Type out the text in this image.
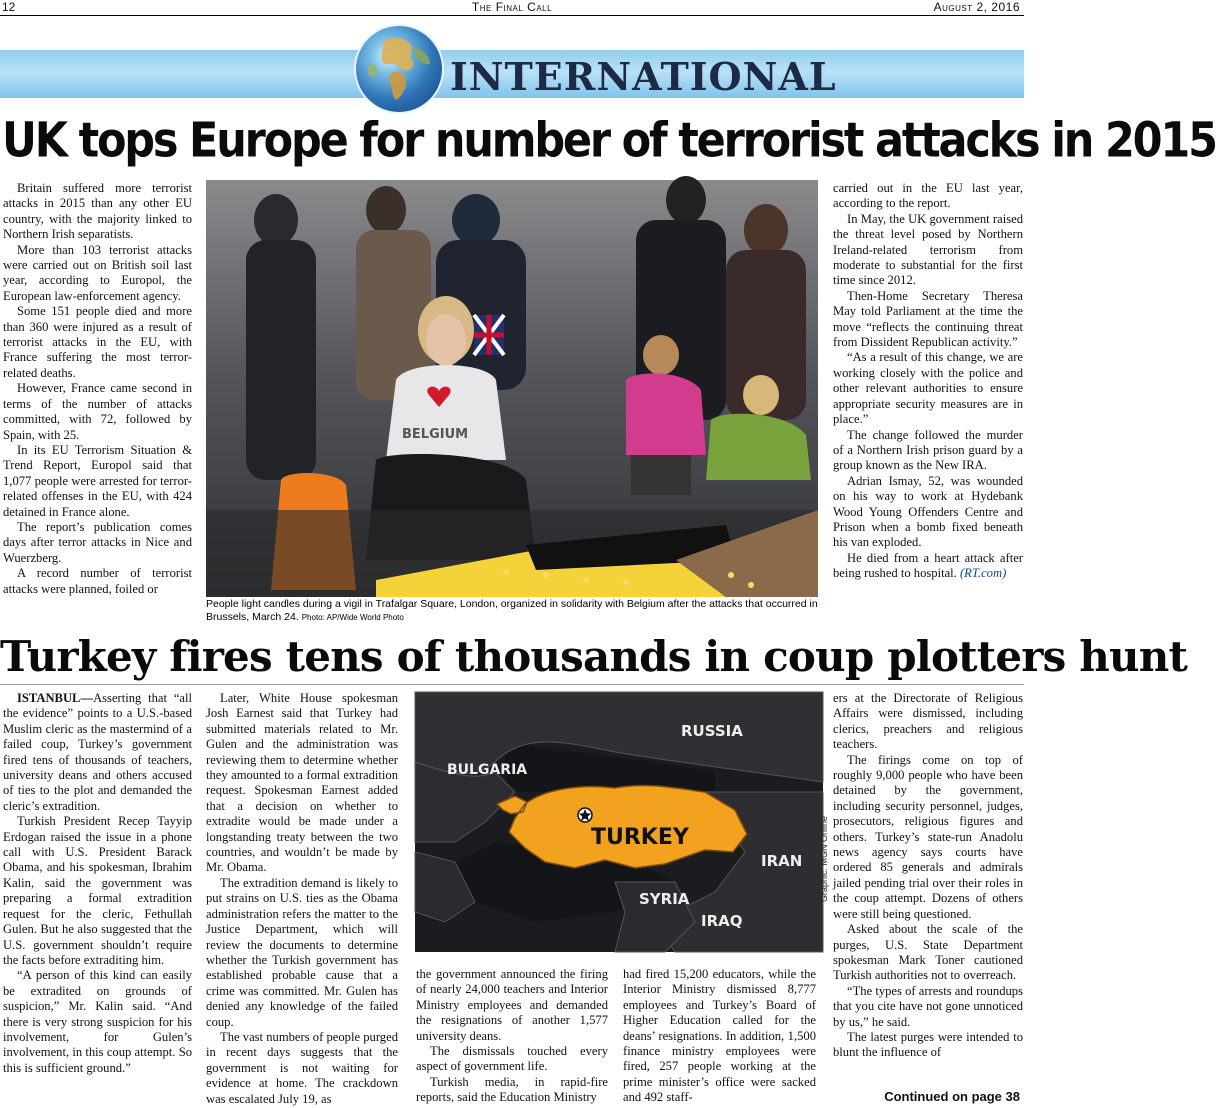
12	The Final Call	August 2, 2016
INTERNATIONAL
UK tops Europe for number of terrorist attacks in 2015

Britain suffered more terrorist attacks in 2015 than any other EU country, with the majority linked to Northern Irish separatists.

More than 103 terrorist attacks were carried out on British soil last year, according to Europol, the European law-enforcement agency.

Some 151 people died and more than 360 were injured as a result of terrorist attacks in the EU, with France suffering the most terror-related deaths.

However, France came second in terms of the number of attacks committed, with 72, followed by Spain, with 25.

In its EU Terrorism Situation & Trend Report, Europol said that 1,077 people were arrested for terror-related offenses in the EU, with 424 detained in France alone.

The report’s publication comes days after terror attacks in Nice and Wuerzberg.

A record number of terrorist attacks were planned, foiled or

BELGIUM
People light candles during a vigil in Trafalgar Square, London, organized in solidarity with Belgium after the attacks that occurred in Brussels, March 24. Photo: AP/Wide World Photo

carried out in the EU last year, according to the report.

In May, the UK government raised the threat level posed by Northern Ireland-related terrorism from moderate to substantial for the first time since 2012.

Then-Home Secretary Theresa May told Parliament at the time the move “reflects the continuing threat from Dissident Republican activity.”

“As a result of this change, we are working closely with the police and other relevant authorities to ensure appropriate security measures are in place.”

The change followed the murder of a Northern Irish prison guard by a group known as the New IRA.

Adrian Ismay, 52, was wounded on his way to work at Hydebank Wood Young Offenders Centre and Prison when a bomb fixed beneath his van exploded.

He died from a heart attack after being rushed to hospital. (RT.com)

Turkey fires tens of thousands in coup plotters hunt

ISTANBUL—Asserting that “all the evidence” points to a U.S.-based Muslim cleric as the mastermind of a failed coup, Turkey’s government fired tens of thousands of teachers, university deans and others accused of ties to the plot and demanded the cleric’s extradition.

Turkish President Recep Tayyip Erdogan raised the issue in a phone call with U.S. President Barack Obama, and his spokesman, Ibrahim Kalin, said the government was preparing a formal extradition request for the cleric, Fethullah Gulen. But he also suggested that the U.S. government shouldn’t require the facts before extraditing him.

“A person of this kind can easily be extradited on grounds of suspicion,” Mr. Kalin said. “And there is very strong suspicion for his involvement, for Gulen’s involvement, in this coup attempt. So this is sufficient ground.”

Later, White House spokesman Josh Earnest said that Turkey had submitted materials related to Mr. Gulen and the administration was reviewing them to determine whether they amounted to a formal extradition request. Spokesman Earnest added that a decision on whether to extradite would be made under a longstanding treaty between the two countries, and wouldn’t be made by Mr. Obama.

The extradition demand is likely to put strains on U.S. ties as the Obama administration refers the matter to the Justice Department, which will review the documents to determine whether the Turkish government has established probable cause that a crime was committed. Mr. Gulen has denied any knowledge of the failed coup.

The vast numbers of people purged in recent days suggests that the government is not waiting for evidence at home. The crackdown was escalated July 19, as

TURKEY
RUSSIA
BULGARIA
IRAN
SYRIA
IRAQ
Graphic: MGN Online

the government announced the firing of nearly 24,000 teachers and Interior Ministry employees and demanded the resignations of another 1,577 university deans.

The dismissals touched every aspect of government life.

Turkish media, in rapid-fire reports, said the Education Ministry

had fired 15,200 educators, while the Interior Ministry dismissed 8,777 employees and Turkey’s Board of Higher Education called for the deans’ resignations. In addition, 1,500 finance ministry employees were fired, 257 people working at the prime minister’s office were sacked and 492 staff-

ers at the Directorate of Religious Affairs were dismissed, including clerics, preachers and religious teachers.

The firings come on top of roughly 9,000 people who have been detained by the government, including security personnel, judges, prosecutors, religious figures and others. Turkey’s state-run Anadolu news agency says courts have ordered 85 generals and admirals jailed pending trial over their roles in the coup attempt. Dozens of others were still being questioned.

Asked about the scale of the purges, U.S. State Department spokesman Mark Toner cautioned Turkish authorities not to overreach.

“The types of arrests and roundups that you cite have not gone unnoticed by us,” he said.

The latest purges were intended to blunt the influence of

Continued on page 38
